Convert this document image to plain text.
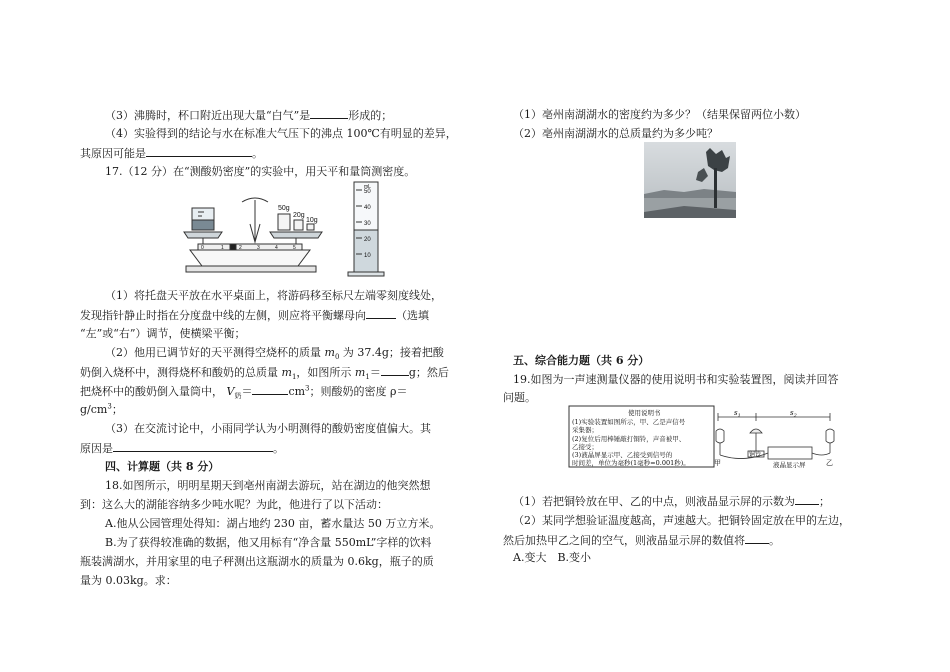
（3）沸腾时，杯口附近出现大量“白气”是	形成的；
（4）实验得到的结论与水在标准大气压下的沸点 100℃有明显的差异，
其原因可能是	。
17.（12 分）在“测酸奶密度”的实验中，用天平和量筒测密度。
50g
20g
10g
0	1	2	3	4	5
mL
50
40
30
20
10
（1）将托盘天平放在水平桌面上，将游码移至标尺左端零刻度线处，
发现指针静止时指在分度盘中线的左侧，则应将平衡螺母向	（选填
“左”或“右”）调节，使横梁平衡；
（2）他用已调节好的天平测得空烧杯的质量 $m_0$ 为 37.4g；接着把酸
奶倒入烧杯中，测得烧杯和酸奶的总质量 $m_1$，如图所示 $m_1=$	g；然后
把烧杯中的酸奶倒入量筒中， $V_奶=$	$cm^3$；则酸奶的密度 ρ＝
$g/cm^3$；
（3）在交流讨论中，小雨同学认为小明测得的酸奶密度值偏大。其
原因是	。
四、计算题（共 8 分）
18.如图所示，明明星期天到亳州南湖去游玩，站在湖边的他突然想
到：这么大的湖能容纳多少吨水呢？为此，他进行了以下活动：
A.他从公园管理处得知：湖占地约 230 亩，蓄水量达 50 万立方米。
B.为了获得较准确的数据，他又用标有“净含量 550mL”字样的饮料
瓶装满湖水，并用家里的电子秤测出这瓶湖水的质量为 0.6kg，瓶子的质
量为 0.03kg。求：
（1）亳州南湖湖水的密度约为多少？（结果保留两位小数）
（2）亳州南湖湖水的总质量约为多少吨？
五、综合能力题（共 6 分）
19.如图为一声速测量仪器的使用说明书和实验装置图，阅读并回答
问题。
使用说明书
(1)实验装置如图所示，甲、乙是声信号
采集器；
(2)复位后用棒锤敲打铜铃，声音被甲、
乙接受；
(3)液晶屏显示甲、乙接受到信号的
时间差，单位为毫秒(1毫秒=0.001秒)。
$s_1$	$s_2$
甲
铜铃
乙
液晶显示屏
（1）若把铜铃放在甲、乙的中点，则液晶显示屏的示数为 ；
（2）某同学想验证温度越高，声速越大。把铜铃固定放在甲的左边，
然后加热甲乙之间的空气，则液晶显示屏的数值将 。
A.变大　B.变小
